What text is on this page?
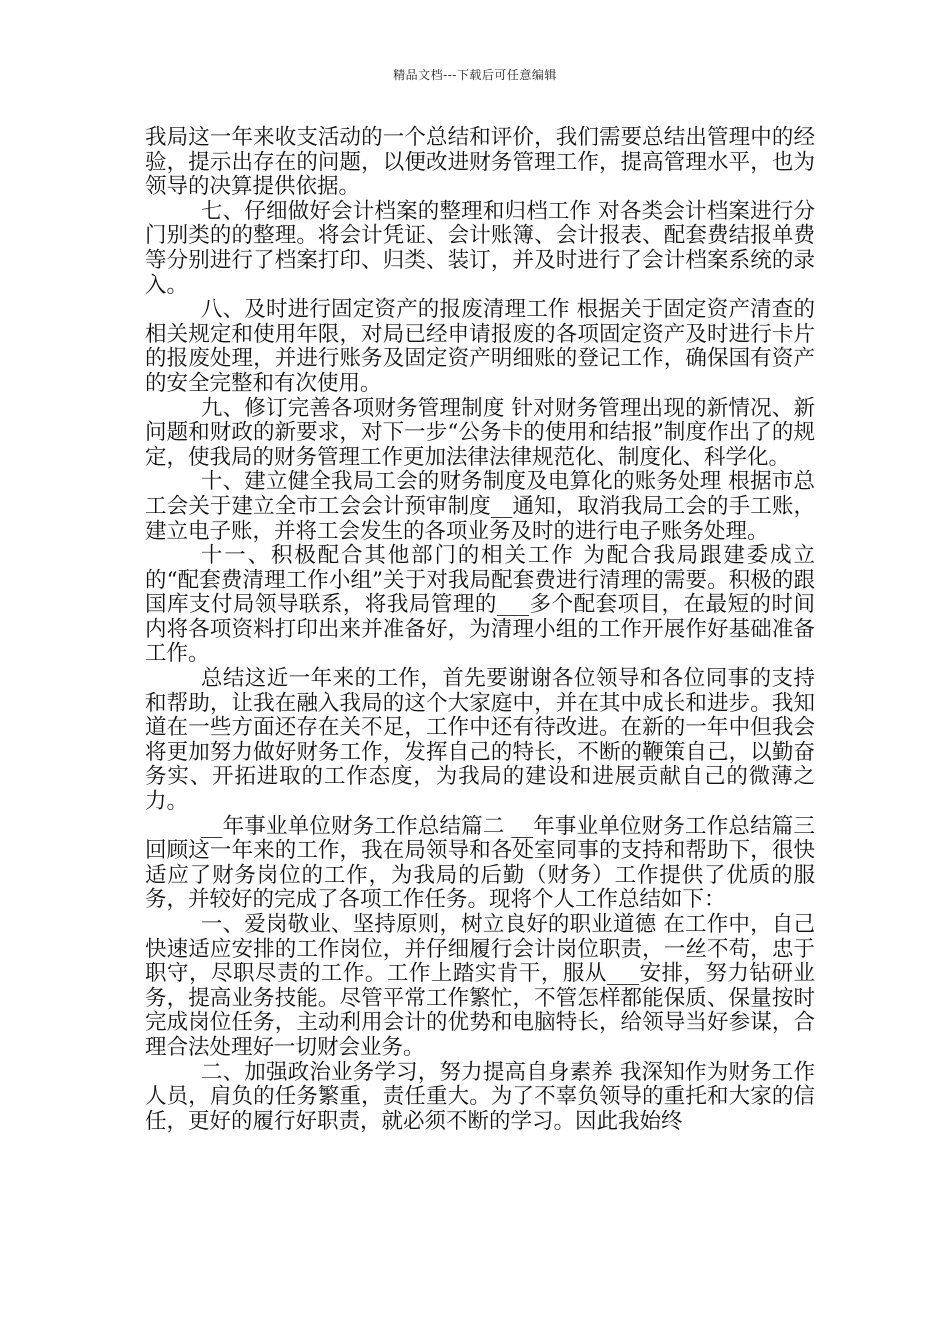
精品文档---下载后可任意编辑

我局这一年来收支活动的一个总结和评价，我们需要总结出管理中的经验，提示出存在的问题，以便改进财务管理工作，提高管理水平，也为领导的决算提供依据。

七、仔细做好会计档案的整理和归档工作 对各类会计档案进行分门别类的的整理。将会计凭证、会计账簿、会计报表、配套费结报单费等分别进行了档案打印、归类、装订，并及时进行了会计档案系统的录入。

八、及时进行固定资产的报废清理工作 根据关于固定资产清查的相关规定和使用年限，对局已经申请报废的各项固定资产及时进行卡片的报废处理，并进行账务及固定资产明细账的登记工作，确保国有资产的安全完整和有次使用。

九、修订完善各项财务管理制度 针对财务管理出现的新情况、新问题和财政的新要求，对下一步“公务卡的使用和结报”制度作出了的规定，使我局的财务管理工作更加法律法律规范化、制度化、科学化。

十、建立健全我局工会的财务制度及电算化的账务处理 根据市总工会关于建立全市工会会计预审制度__通知，取消我局工会的手工账，建立电子账，并将工会发生的各项业务及时的进行电子账务处理。

十一、积极配合其他部门的相关工作 为配合我局跟建委成立的“配套费清理工作小组”关于对我局配套费进行清理的需要。积极的跟国库支付局领导联系，将我局管理的___多个配套项目，在最短的时间内将各项资料打印出来并准备好，为清理小组的工作开展作好基础准备工作。

总结这近一年来的工作，首先要谢谢各位领导和各位同事的支持和帮助，让我在融入我局的这个大家庭中，并在其中成长和进步。我知道在一些方面还存在关不足，工作中还有待改进。在新的一年中但我会将更加努力做好财务工作，发挥自己的特长，不断的鞭策自己，以勤奋务实、开拓进取的工作态度，为我局的建设和进展贡献自己的微薄之力。

__年事业单位财务工作总结篇二 __年事业单位财务工作总结篇三 回顾这一年来的工作，我在局领导和各处室同事的支持和帮助下，很快适应了财务岗位的工作，为我局的后勤（财务）工作提供了优质的服务，并较好的完成了各项工作任务。现将个人工作总结如下：

一、爱岗敬业、坚持原则，树立良好的职业道德 在工作中，自己快速适应安排的工作岗位，并仔细履行会计岗位职责，一丝不苟，忠于职守，尽职尽责的工作。工作上踏实肯干，服从___安排，努力钻研业务，提高业务技能。尽管平常工作繁忙，不管怎样都能保质、保量按时完成岗位任务，主动利用会计的优势和电脑特长，给领导当好参谋，合理合法处理好一切财会业务。

二、加强政治业务学习，努力提高自身素养 我深知作为财务工作人员，肩负的任务繁重，责任重大。为了不辜负领导的重托和大家的信任，更好的履行好职责，就必须不断的学习。因此我始终
